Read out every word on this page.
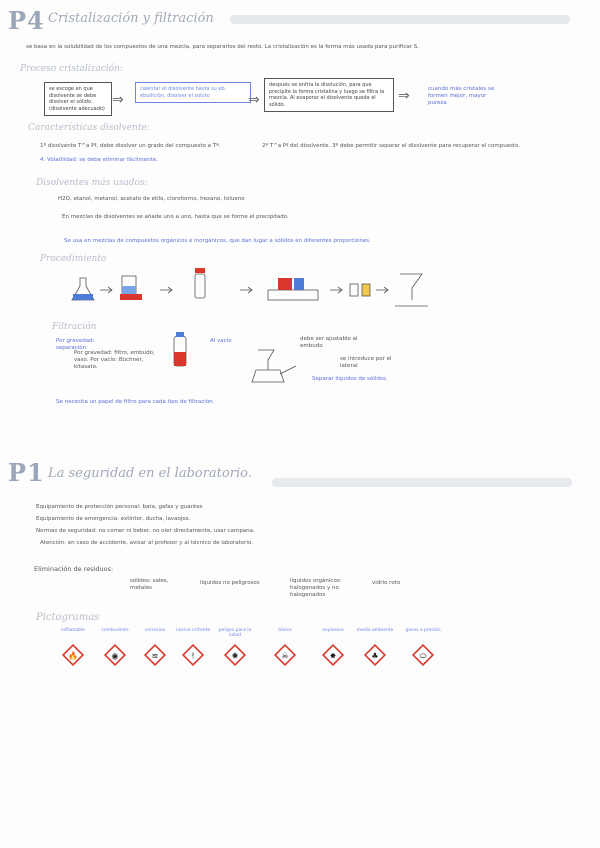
P4 Cristalización y filtración
se basa en la solubilidad de los compuestos de una mezcla, para separarlos del resto. La cristalización es la forma más usada para purificar S.
Proceso cristalización:
se escoge en que disolvente se debe disolver el sólido. (disolvente adecuado)
⇒
calentar el disolvente hasta su eb. ebullición, disolver el soluto	⇒
después se enfría la disolución, para que precipite la forma cristalina y luego se filtra la mezcla. Al evaporar el disolvente queda el sólido.
⇒	cuando más cristales se formen mejor, mayor pureza
Características disolvente:
1º disolvente T^a Pf, debe disolver un grado del compuesto a Tª.	2º T^a Pf del disolvente. 3º debe permitir separar el disolvente para recuperar el compuesto.
4. Volatilidad: se debe eliminar fácilmente.
Disolventes más usados:
H2O, etanol, metanol, acetato de etilo, cloroformo, hexano, tolueno
En mezclas de disolventes se añade uno a uno, hasta que se forme el precipitado.
Se usa en mezclas de compuestos orgánicos e inorgánicos, que dan lugar a sólidos en diferentes proporciones.
Procedimiento
Filtración
Por gravedad: separación
Por gravedad: filtro, embudo, vaso. Por vacío: Büchner, kitasato.
Al vacío	debe ser ajustable al embudo
se introduce por el lateral
Separar líquidos de sólidos.
Se necesita un papel de filtro para cada tipo de filtración.
P1 La seguridad en el laboratorio.
Equipamiento de protección personal: bata, gafas y guantes
Equipamiento de emergencia: extintor, ducha, lavaojos.
Normas de seguridad: no comer ni beber, no oler directamente, usar campana.
Atención: en caso de accidente, avisar al profesor y al técnico de laboratorio.
Eliminación de residuos:
sólidos: sales, metales
líquidos no peligrosos	líquidos orgánicos: halogenados y no halogenados
vidrio roto
Pictogramas
inflamable
🔥
comburente
◉
corrosivo
≋
nocivo irritante
!
peligro para la salud
✺
tóxico
☠
explosivo
✸
medio ambiente
♣
gases a presión
⬭
